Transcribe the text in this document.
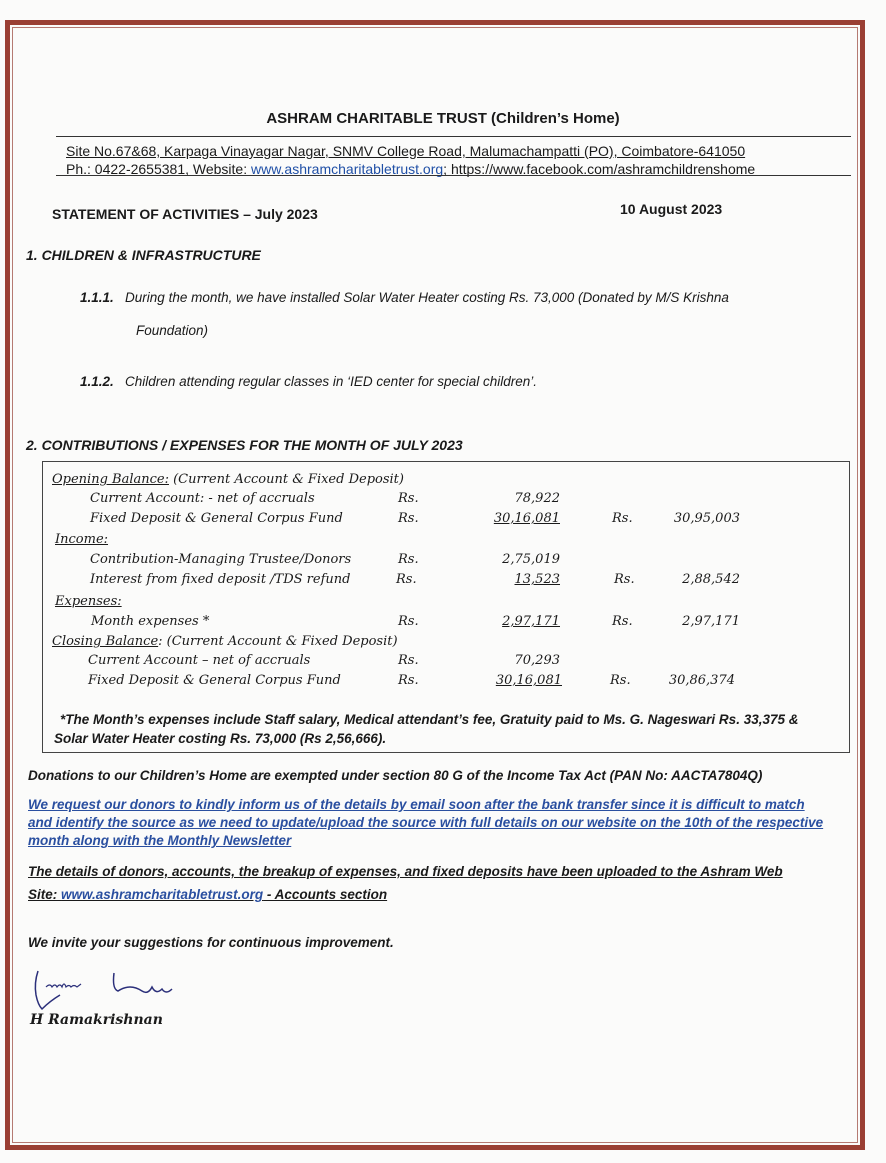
ASHRAM CHARITABLE TRUST (Children’s Home)
Site No.67&68, Karpaga Vinayagar Nagar, SNMV College Road, Malumachampatti (PO), Coimbatore-641050
Ph.: 0422-2655381, Website: www.ashramcharitabletrust.org; https://www.facebook.com/ashramchildrenshome
STATEMENT OF ACTIVITIES – July 2023	10 August 2023
1. CHILDREN & INFRASTRUCTURE
1.1.1. During the month, we have installed Solar Water Heater costing Rs. 73,000 (Donated by M/S Krishna
Foundation)
1.1.2. Children attending regular classes in ‘IED center for special children’.
2. CONTRIBUTIONS / EXPENSES FOR THE MONTH OF JULY 2023
Opening Balance: (Current Account & Fixed Deposit)
Current Account: - net of accruals	Rs.	78,922
Fixed Deposit & General Corpus Fund	Rs.	30,16,081	Rs.	30,95,003
Income:
Contribution-Managing Trustee/Donors	Rs.	2,75,019
Interest from fixed deposit /TDS refund	Rs.	13,523	Rs.	2,88,542
Expenses:
Month expenses *	Rs.	2,97,171	Rs.	2,97,171
Closing Balance: (Current Account & Fixed Deposit)
Current Account – net of accruals	Rs.	70,293
Fixed Deposit & General Corpus Fund	Rs.	30,16,081	Rs.	30,86,374
*The Month’s expenses include Staff salary, Medical attendant’s fee, Gratuity paid to Ms. G. Nageswari Rs. 33,375 &
Solar Water Heater costing Rs. 73,000 (Rs 2,56,666).
Donations to our Children’s Home are exempted under section 80 G of the Income Tax Act (PAN No: AACTA7804Q)
We request our donors to kindly inform us of the details by email soon after the bank transfer since it is difficult to match
and identify the source as we need to update/upload the source with full details on our website on the 10th of the respective
month along with the Monthly Newsletter
The details of donors, accounts, the breakup of expenses, and fixed deposits have been uploaded to the Ashram Web
Site: www.ashramcharitabletrust.org - Accounts section
We invite your suggestions for continuous improvement.
H Ramakrishnan
